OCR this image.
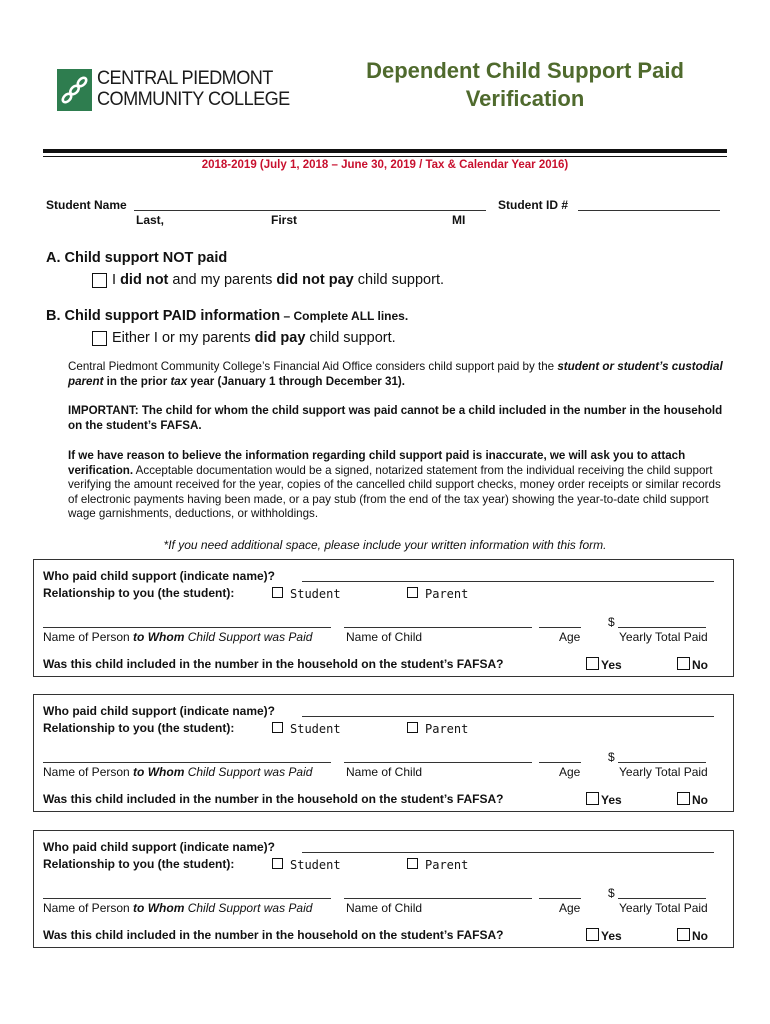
CENTRAL PIEDMONT
COMMUNITY COLLEGE
Dependent Child Support Paid
Verification
2018-2019 (July 1, 2018 – June 30, 2019 / Tax & Calendar Year 2016)
Student Name
Last,	First	MI
Student ID #
A. Child support NOT paid
I did not and my parents did not pay child support.
B. Child support PAID information – Complete ALL lines.
Either I or my parents did pay child support.
Central Piedmont Community College’s Financial Aid Office considers child support paid by the student or student’s custodial parent in the prior tax year (January 1 through December 31).
IMPORTANT: The child for whom the child support was paid cannot be a child included in the number in the household on the student’s FAFSA.
If we have reason to believe the information regarding child support paid is inaccurate, we will ask you to attach verification. Acceptable documentation would be a signed, notarized statement from the individual receiving the child support verifying the amount received for the year, copies of the cancelled child support checks, money order receipts or similar records of electronic payments having been made, or a pay stub (from the end of the tax year) showing the year-to-date child support wage garnishments, deductions, or withholdings.
*If you need additional space, please include your written information with this form.
Who paid child support (indicate name)?
Relationship to you (the student):	Student	Parent
$
Name of Person to Whom Child Support was Paid	Name of Child	Age	Yearly Total Paid
Was this child included in the number in the household on the student’s FAFSA?	Yes	No
Who paid child support (indicate name)?
Relationship to you (the student):	Student	Parent
$
Name of Person to Whom Child Support was Paid	Name of Child	Age	Yearly Total Paid
Was this child included in the number in the household on the student’s FAFSA?	Yes	No
Who paid child support (indicate name)?
Relationship to you (the student):	Student	Parent
$
Name of Person to Whom Child Support was Paid	Name of Child	Age	Yearly Total Paid
Was this child included in the number in the household on the student’s FAFSA?	Yes	No
